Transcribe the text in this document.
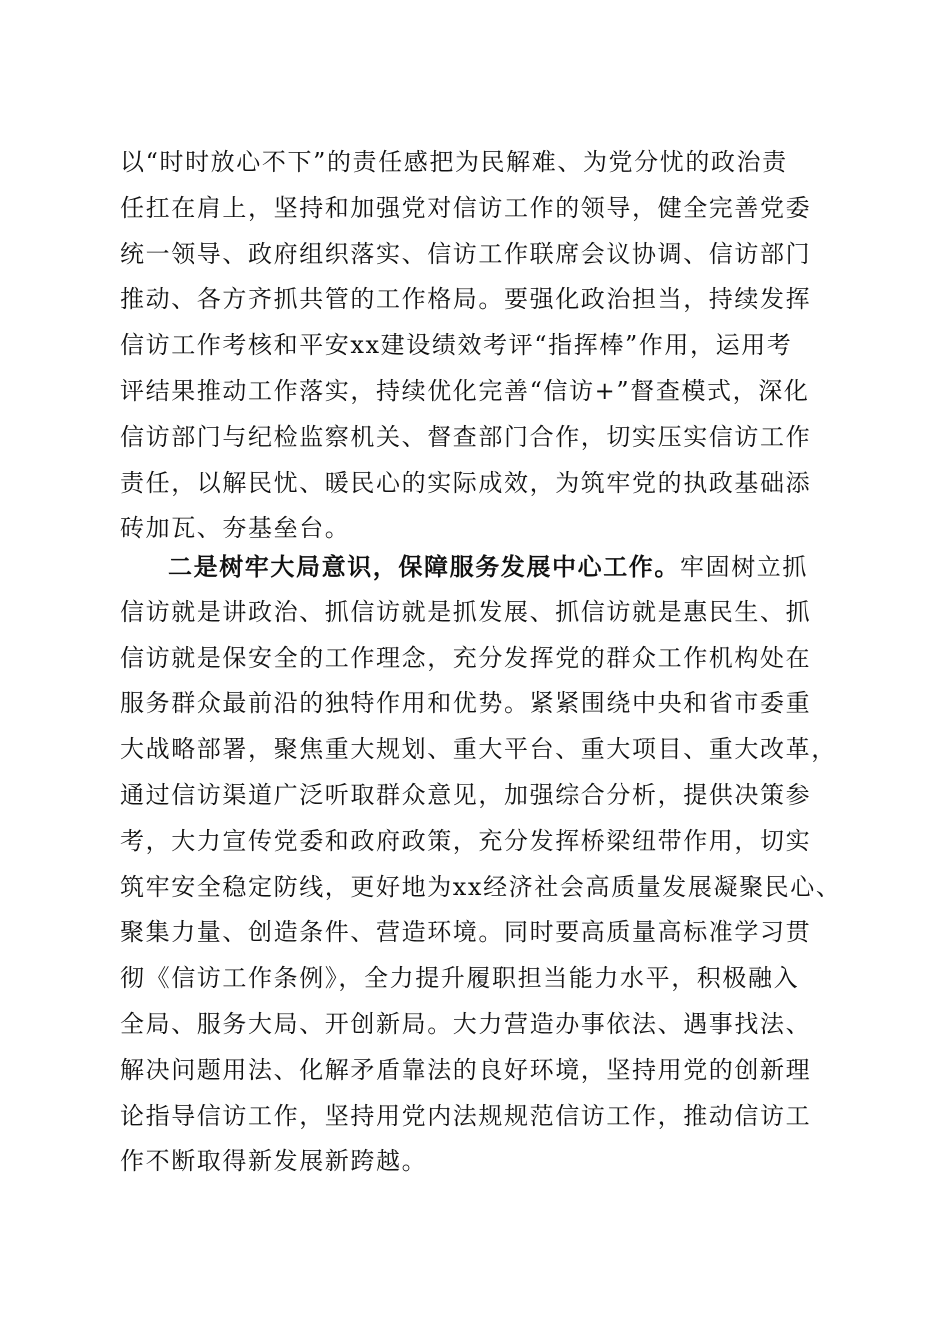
以“时时放心不下”的责任感把为民解难、为党分忧的政治责
任扛在肩上，坚持和加强党对信访工作的领导，健全完善党委
统一领导、政府组织落实、信访工作联席会议协调、信访部门
推动、各方齐抓共管的工作格局。要强化政治担当，持续发挥
信访工作考核和平安xx建设绩效考评“指挥棒”作用，运用考
评结果推动工作落实，持续优化完善“信访+”督查模式，深化
信访部门与纪检监察机关、督查部门合作，切实压实信访工作
责任，以解民忧、暖民心的实际成效，为筑牢党的执政基础添
砖加瓦、夯基垒台。
二是树牢大局意识，保障服务发展中心工作。牢固树立抓
信访就是讲政治、抓信访就是抓发展、抓信访就是惠民生、抓
信访就是保安全的工作理念，充分发挥党的群众工作机构处在
服务群众最前沿的独特作用和优势。紧紧围绕中央和省市委重
大战略部署，聚焦重大规划、重大平台、重大项目、重大改革，
通过信访渠道广泛听取群众意见，加强综合分析，提供决策参
考，大力宣传党委和政府政策，充分发挥桥梁纽带作用，切实
筑牢安全稳定防线，更好地为xx经济社会高质量发展凝聚民心、
聚集力量、创造条件、营造环境。同时要高质量高标准学习贯
彻《信访工作条例》，全力提升履职担当能力水平，积极融入
全局、服务大局、开创新局。大力营造办事依法、遇事找法、
解决问题用法、化解矛盾靠法的良好环境，坚持用党的创新理
论指导信访工作，坚持用党内法规规范信访工作，推动信访工
作不断取得新发展新跨越。
